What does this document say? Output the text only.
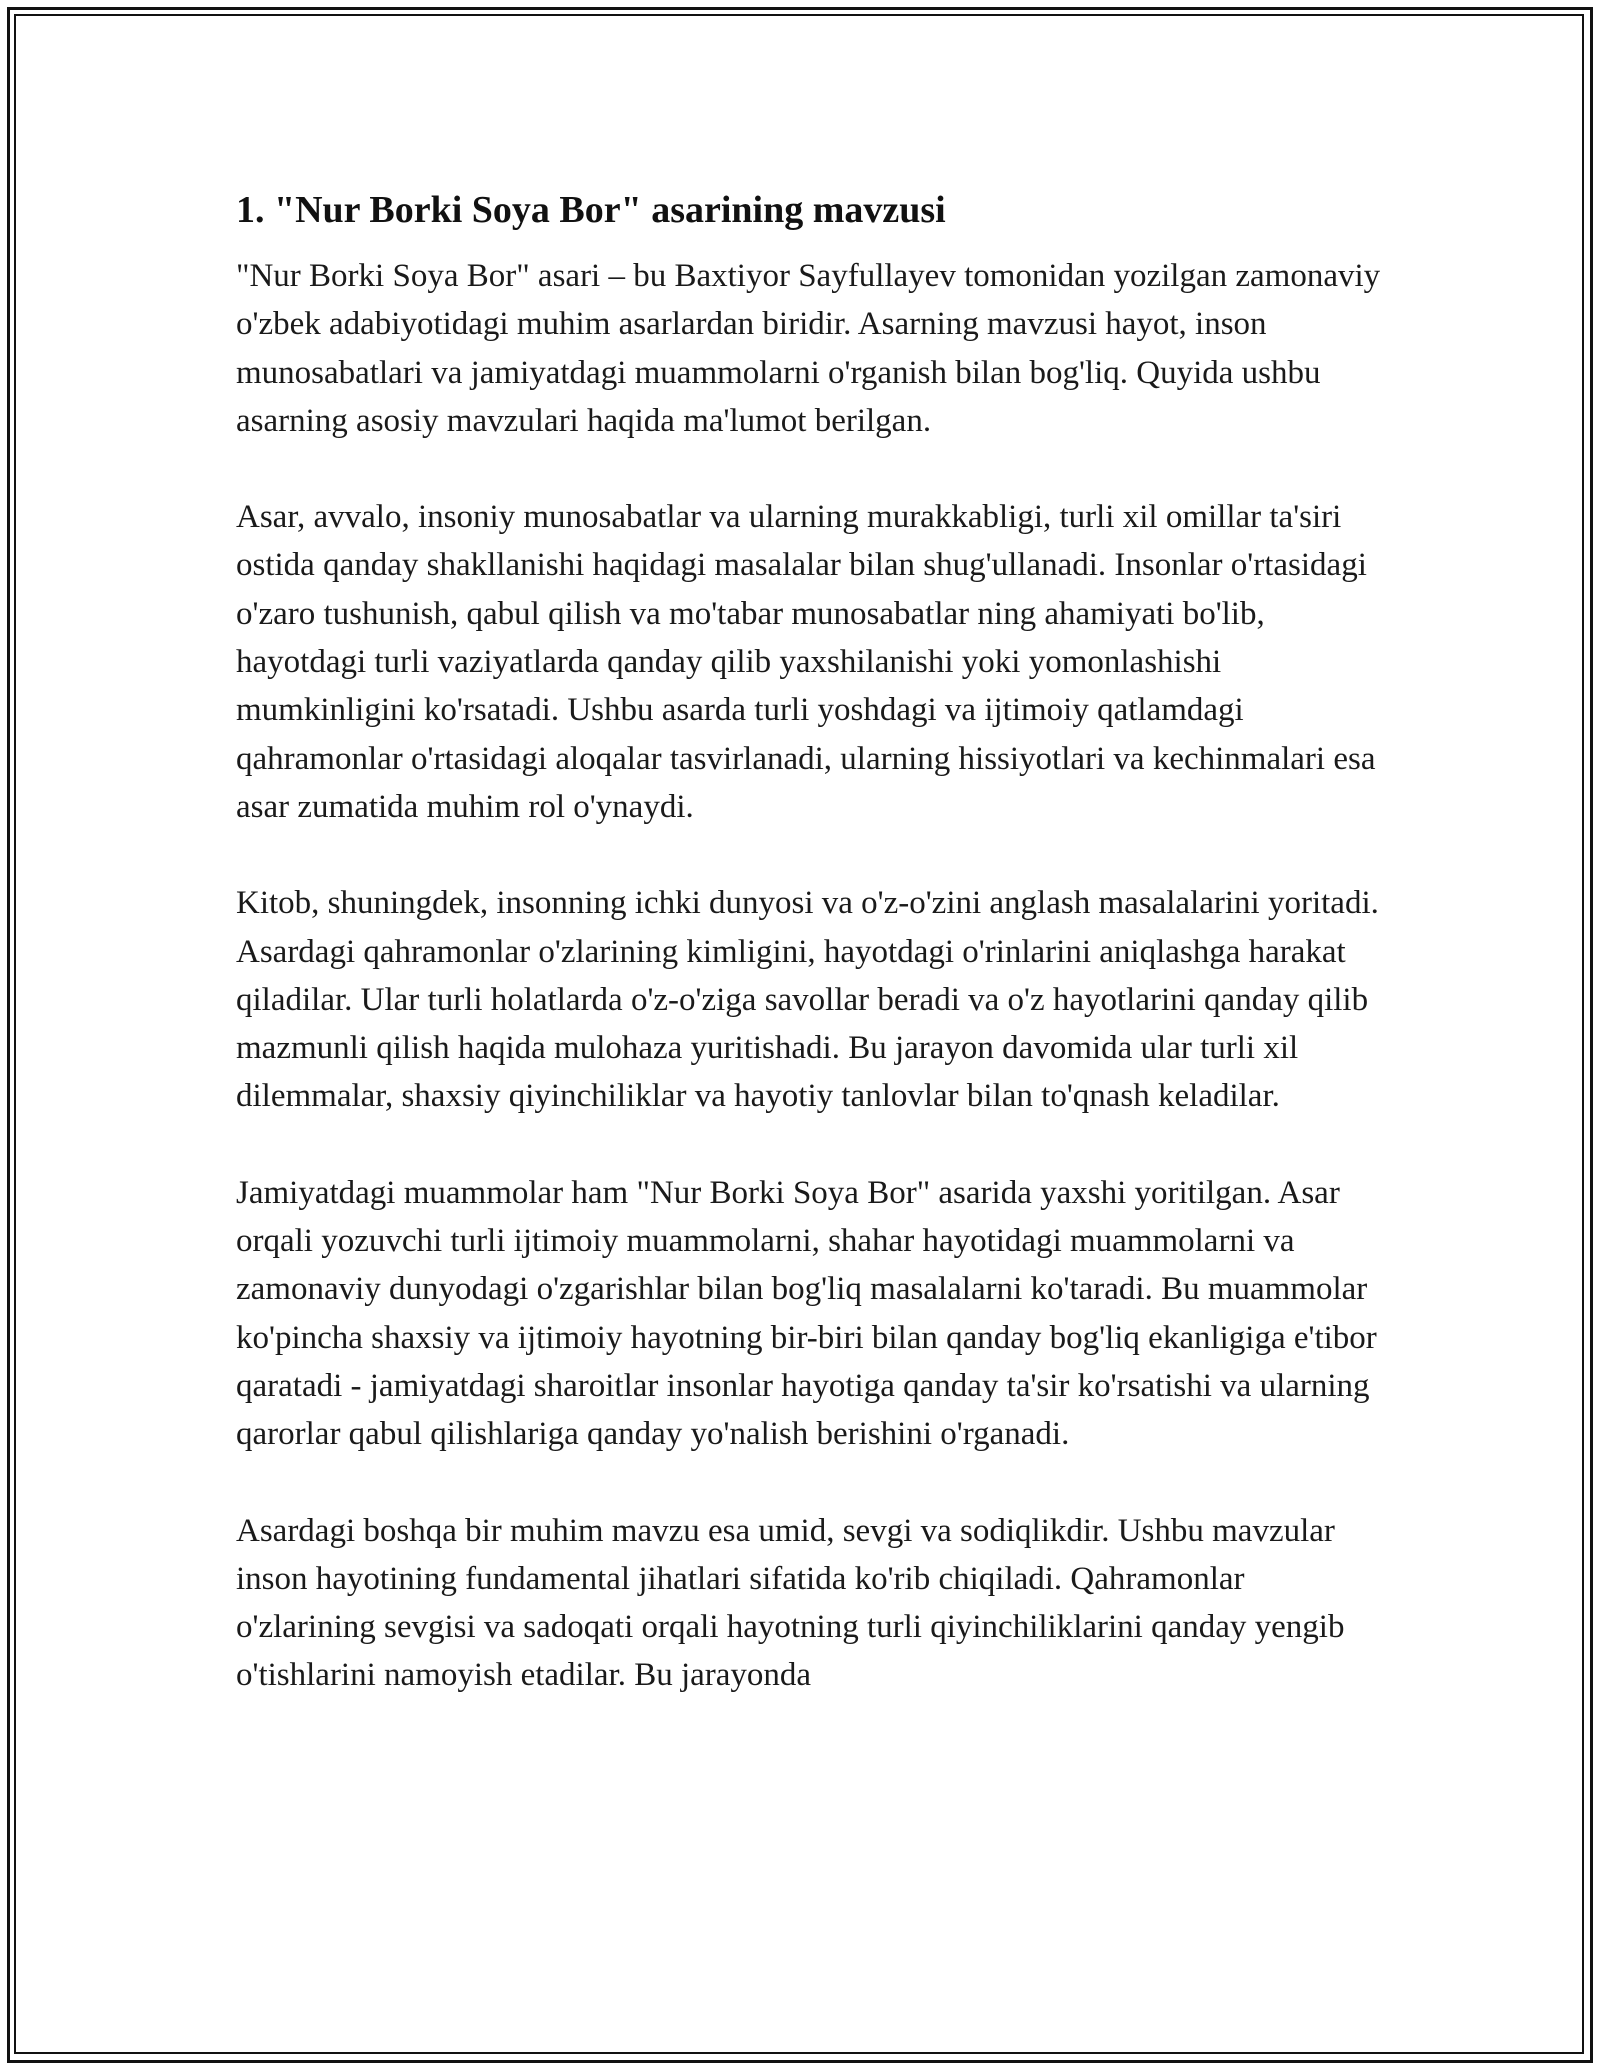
1. "Nur Borki Soya Bor" asarining mavzusi

"Nur Borki Soya Bor" asari – bu Baxtiyor Sayfullayev tomonidan yozilgan zamonaviy o'zbek adabiyotidagi muhim asarlardan biridir. Asarning mavzusi hayot, inson munosabatlari va jamiyatdagi muammolarni o'rganish bilan bog'liq. Quyida ushbu asarning asosiy mavzulari haqida ma'lumot berilgan.

Asar, avvalo, insoniy munosabatlar va ularning murakkabligi, turli xil omillar ta'siri ostida qanday shakllanishi haqidagi masalalar bilan shug'ullanadi. Insonlar o'rtasidagi o'zaro tushunish, qabul qilish va mo'tabar munosabatlar ning ahamiyati bo'lib, hayotdagi turli vaziyatlarda qanday qilib yaxshilanishi yoki yomonlashishi mumkinligini ko'rsatadi. Ushbu asarda turli yoshdagi va ijtimoiy qatlamdagi qahramonlar o'rtasidagi aloqalar tasvirlanadi, ularning hissiyotlari va kechinmalari esa asar zumatida muhim rol o'ynaydi.

Kitob, shuningdek, insonning ichki dunyosi va o'z-o'zini anglash masalalarini yoritadi. Asardagi qahramonlar o'zlarining kimligini, hayotdagi o'rinlarini aniqlashga harakat qiladilar. Ular turli holatlarda o'z-o'ziga savollar beradi va o'z hayotlarini qanday qilib mazmunli qilish haqida mulohaza yuritishadi. Bu jarayon davomida ular turli xil dilemmalar, shaxsiy qiyinchiliklar va hayotiy tanlovlar bilan to'qnash keladilar.

Jamiyatdagi muammolar ham "Nur Borki Soya Bor" asarida yaxshi yoritilgan. Asar orqali yozuvchi turli ijtimoiy muammolarni, shahar hayotidagi muammolarni va zamonaviy dunyodagi o'zgarishlar bilan bog'liq masalalarni ko'taradi. Bu muammolar ko'pincha shaxsiy va ijtimoiy hayotning bir-biri bilan qanday bog'liq ekanligiga e'tibor qaratadi - jamiyatdagi sharoitlar insonlar hayotiga qanday ta'sir ko'rsatishi va ularning qarorlar qabul qilishlariga qanday yo'nalish berishini o'rganadi.

Asardagi boshqa bir muhim mavzu esa umid, sevgi va sodiqlikdir. Ushbu mavzular inson hayotining fundamental jihatlari sifatida ko'rib chiqiladi. Qahramonlar o'zlarining sevgisi va sadoqati orqali hayotning turli qiyinchiliklarini qanday yengib o'tishlarini namoyish etadilar. Bu jarayonda
